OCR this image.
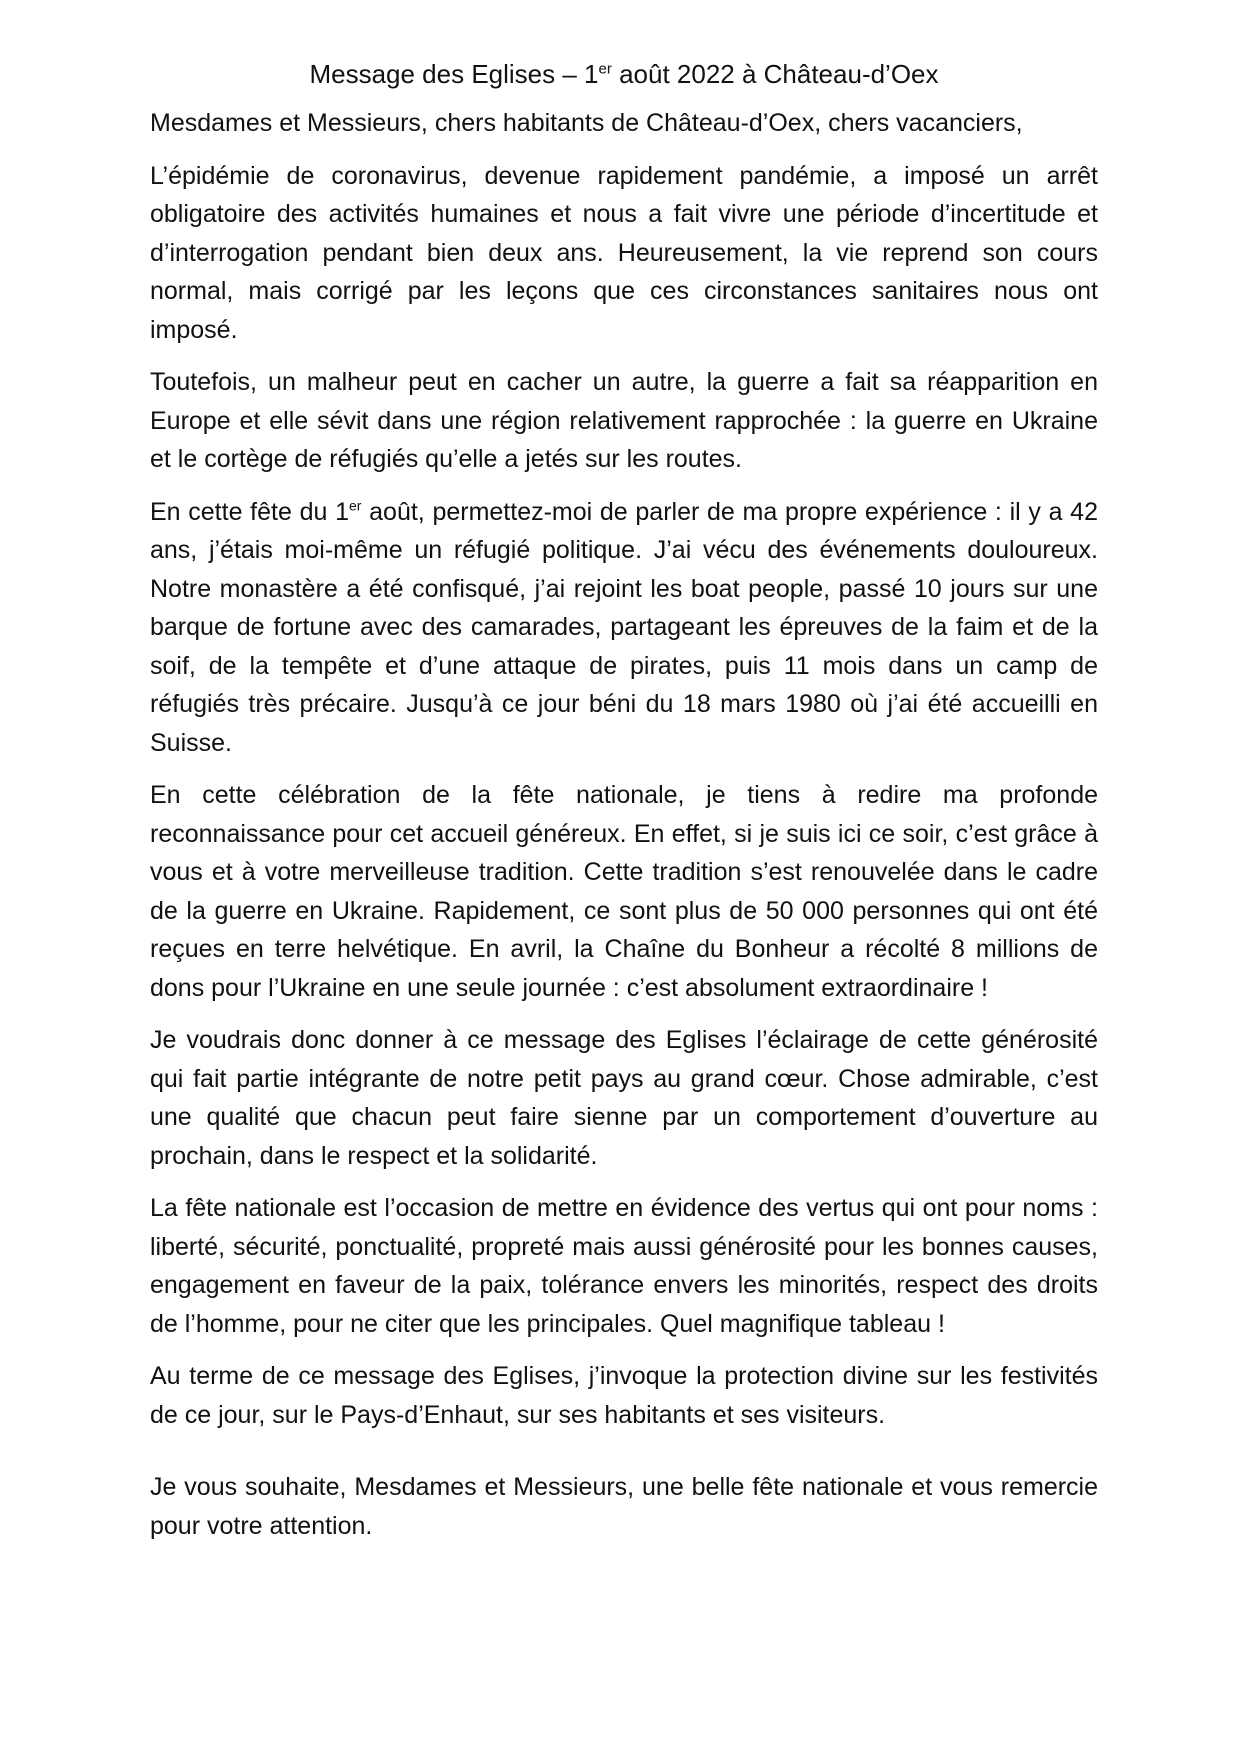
Message des Eglises – 1er août 2022 à Château-d’Oex

Mesdames et Messieurs, chers habitants de Château-d’Oex, chers vacanciers,

L’épidémie de coronavirus, devenue rapidement pandémie, a imposé un arrêt obligatoire des activités humaines et nous a fait vivre une période d’incertitude et d’interrogation pendant bien deux ans. Heureusement, la vie reprend son cours normal, mais corrigé par les leçons que ces circonstances sanitaires nous ont imposé.

Toutefois, un malheur peut en cacher un autre, la guerre a fait sa réapparition en Europe et elle sévit dans une région relativement rapprochée : la guerre en Ukraine et le cortège de réfugiés qu’elle a jetés sur les routes.

En cette fête du 1er août, permettez-moi de parler de ma propre expérience : il y a 42 ans, j’étais moi-même un réfugié politique. J’ai vécu des événements douloureux. Notre monastère a été confisqué, j’ai rejoint les boat people, passé 10 jours sur une barque de fortune avec des camarades, partageant les épreuves de la faim et de la soif, de la tempête et d’une attaque de pirates, puis 11 mois dans un camp de réfugiés très précaire. Jusqu’à ce jour béni du 18 mars 1980 où j’ai été accueilli en Suisse.

En cette célébration de la fête nationale, je tiens à redire ma profonde reconnaissance pour cet accueil généreux. En effet, si je suis ici ce soir, c’est grâce à vous et à votre merveilleuse tradition. Cette tradition s’est renouvelée dans le cadre de la guerre en Ukraine. Rapidement, ce sont plus de 50 000 personnes qui ont été reçues en terre helvétique. En avril, la Chaîne du Bonheur a récolté 8 millions de dons pour l’Ukraine en une seule journée : c’est absolument extraordinaire !

Je voudrais donc donner à ce message des Eglises l’éclairage de cette générosité qui fait partie intégrante de notre petit pays au grand cœur. Chose admirable, c’est une qualité que chacun peut faire sienne par un comportement d’ouverture au prochain, dans le respect et la solidarité.

La fête nationale est l’occasion de mettre en évidence des vertus qui ont pour noms : liberté, sécurité, ponctualité, propreté mais aussi générosité pour les bonnes causes, engagement en faveur de la paix, tolérance envers les minorités, respect des droits de l’homme, pour ne citer que les principales. Quel magnifique tableau !

Au terme de ce message des Eglises, j’invoque la protection divine sur les festivités de ce jour, sur le Pays-d’Enhaut, sur ses habitants et ses visiteurs.

Je vous souhaite, Mesdames et Messieurs, une belle fête nationale et vous remercie pour votre attention.
